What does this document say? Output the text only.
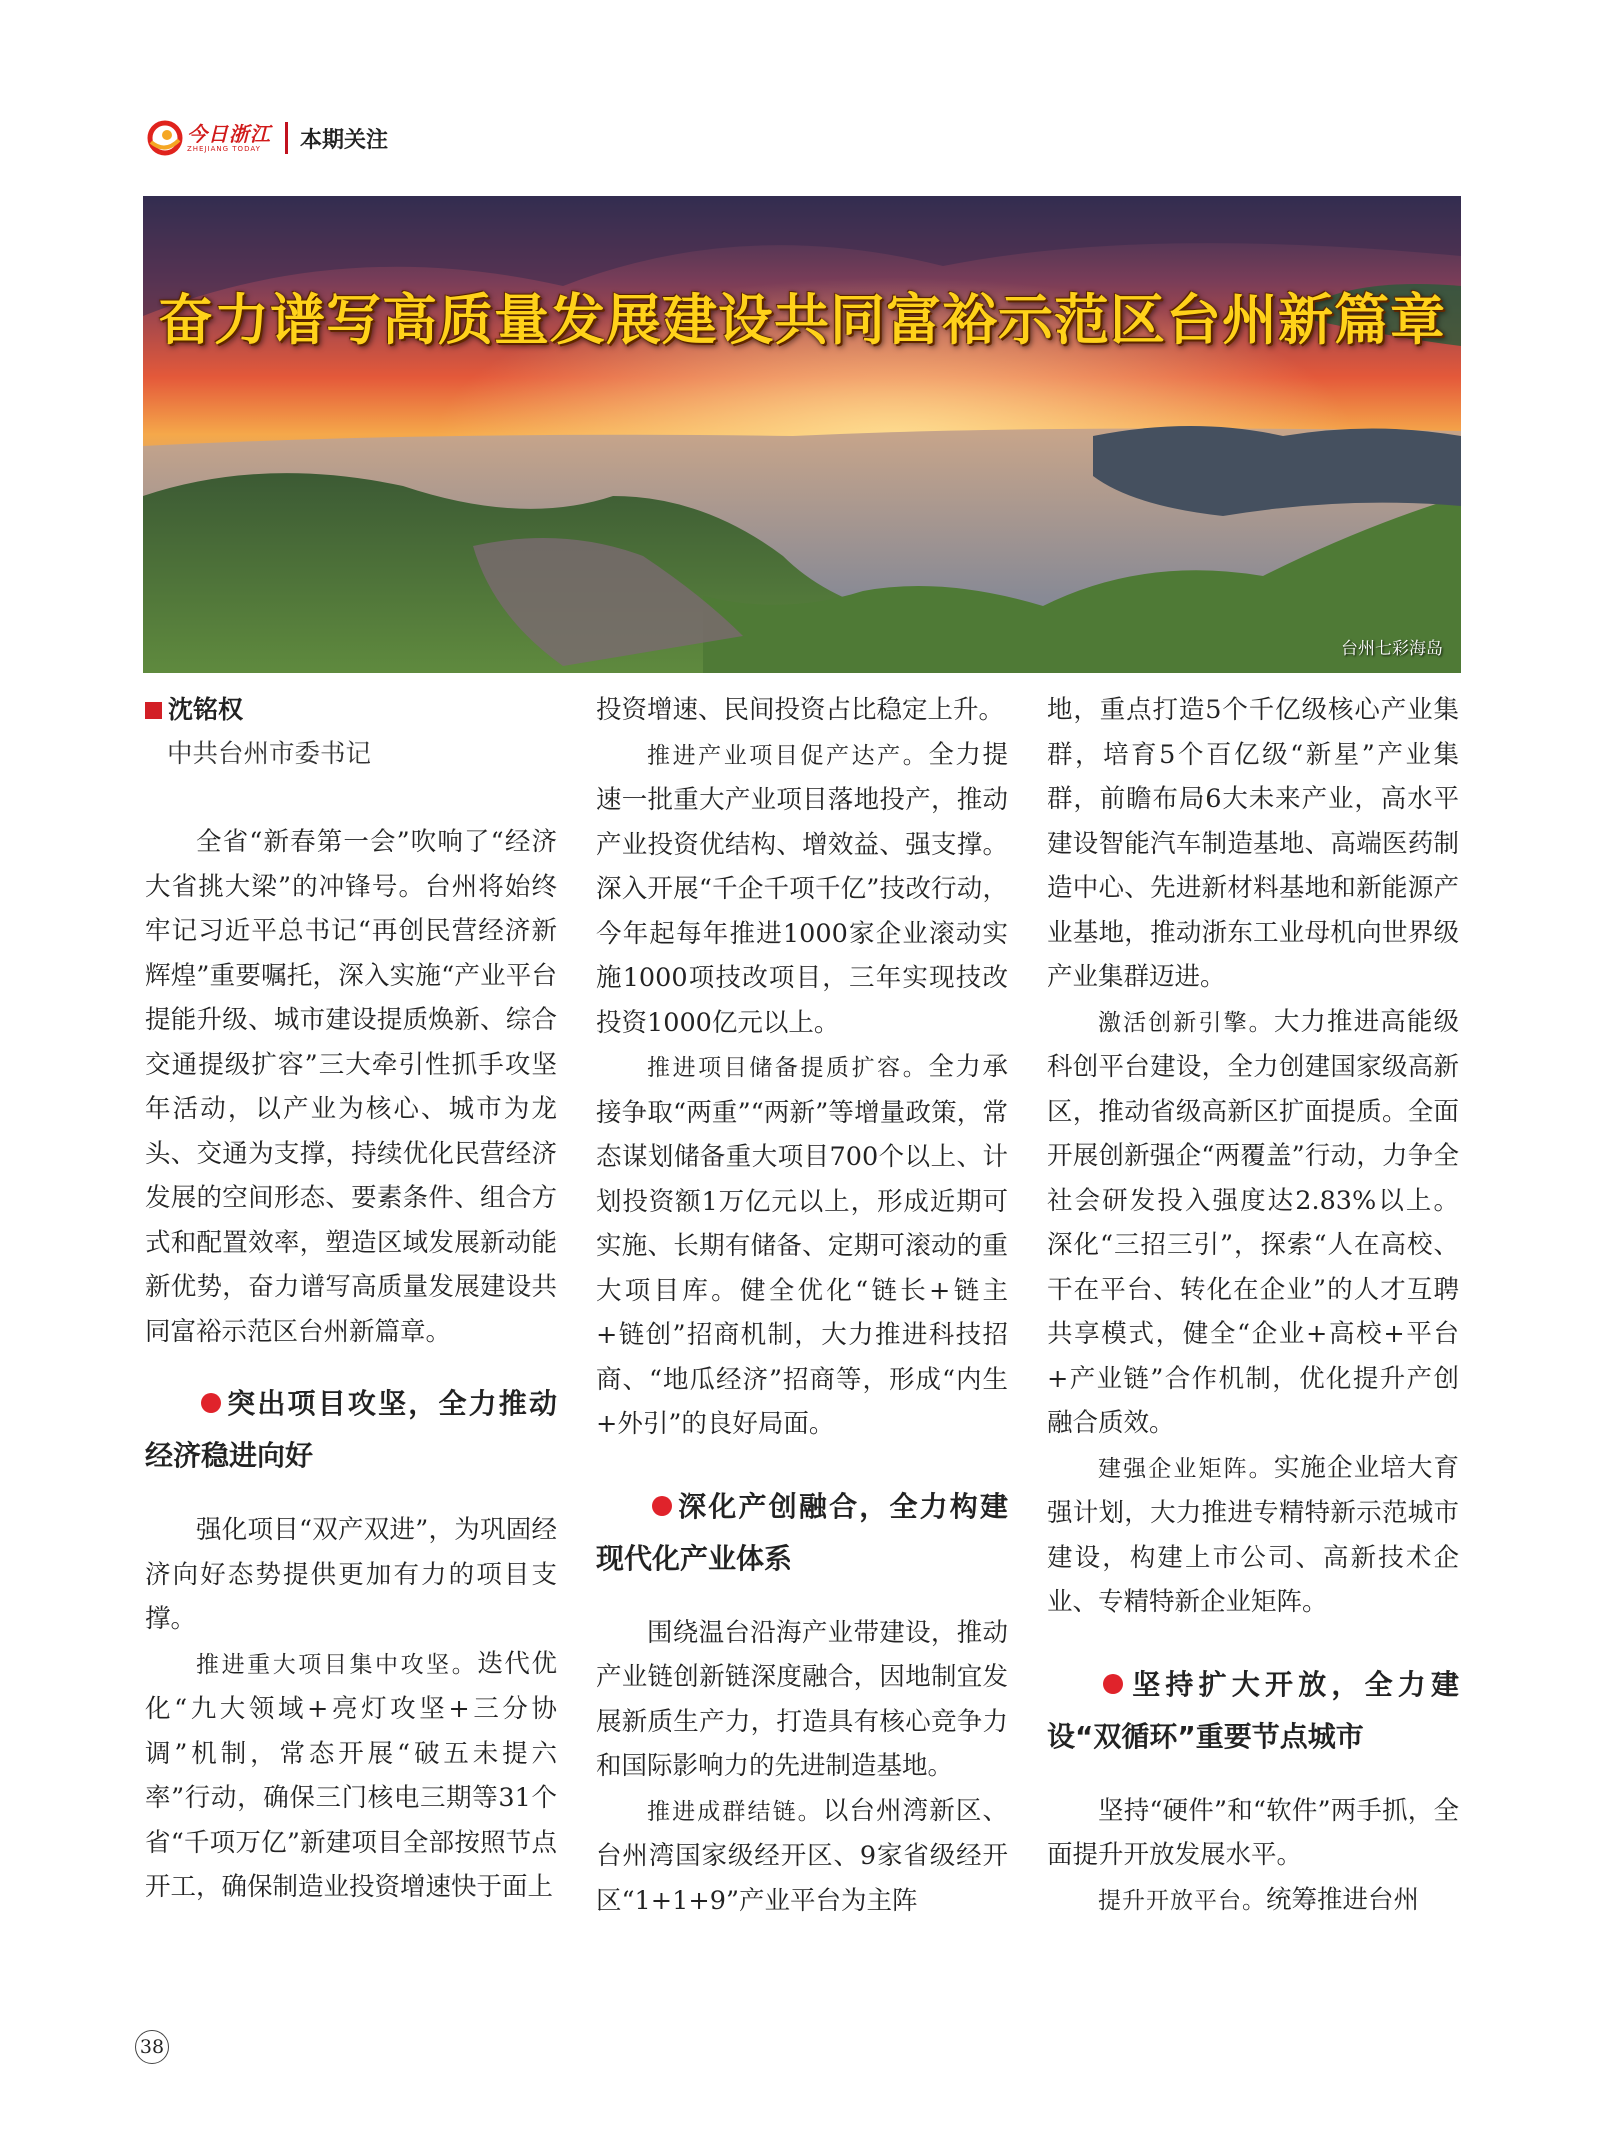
今日浙江
ZHEJIANG TODAY	本期关注
奋力谱写高质量发展建设共同富裕示范区台州新篇章
台州七彩海岛
沈铭权
中共台州市委书记

全省“新春第一会”吹响了“经济大省挑大梁”的冲锋号。台州将始终牢记习近平总书记“再创民营经济新辉煌”重要嘱托，深入实施“产业平台提能升级、城市建设提质焕新、综合交通提级扩容”三大牵引性抓手攻坚年活动，以产业为核心、城市为龙头、交通为支撑，持续优化民营经济发展的空间形态、要素条件、组合方式和配置效率，塑造区域发展新动能新优势，奋力谱写高质量发展建设共同富裕示范区台州新篇章。

突出项目攻坚，全力推动经济稳进向好

强化项目“双产双进”，为巩固经济向好态势提供更加有力的项目支撑。

推进重大项目集中攻坚。迭代优化“九大领域+亮灯攻坚+三分协调”机制，常态开展“破五未提六率”行动，确保三门核电三期等31个省“千项万亿”新建项目全部按照节点开工，确保制造业投资增速快于面上

投资增速、民间投资占比稳定上升。

推进产业项目促产达产。全力提速一批重大产业项目落地投产，推动产业投资优结构、增效益、强支撑。深入开展“千企千项千亿”技改行动，今年起每年推进1000家企业滚动实施1000项技改项目，三年实现技改投资1000亿元以上。

推进项目储备提质扩容。全力承接争取“两重”“两新”等增量政策，常态谋划储备重大项目700个以上、计划投资额1万亿元以上，形成近期可实施、长期有储备、定期可滚动的重大项目库。健全优化“链长+链主+链创”招商机制，大力推进科技招商、“地瓜经济”招商等，形成“内生+外引”的良好局面。

深化产创融合，全力构建现代化产业体系

围绕温台沿海产业带建设，推动产业链创新链深度融合，因地制宜发展新质生产力，打造具有核心竞争力和国际影响力的先进制造基地。

推进成群结链。以台州湾新区、台州湾国家级经开区、9家省级经开区“1+1+9”产业平台为主阵

地，重点打造5个千亿级核心产业集群，培育5个百亿级“新星”产业集群，前瞻布局6大未来产业，高水平建设智能汽车制造基地、高端医药制造中心、先进新材料基地和新能源产业基地，推动浙东工业母机向世界级产业集群迈进。

激活创新引擎。大力推进高能级科创平台建设，全力创建国家级高新区，推动省级高新区扩面提质。全面开展创新强企“两覆盖”行动，力争全社会研发投入强度达2.83%以上。深化“三招三引”，探索“人在高校、干在平台、转化在企业”的人才互聘共享模式，健全“企业+高校+平台+产业链”合作机制，优化提升产创融合质效。

建强企业矩阵。实施企业培大育强计划，大力推进专精特新示范城市建设，构建上市公司、高新技术企业、专精特新企业矩阵。

坚持扩大开放，全力建设“双循环”重要节点城市

坚持“硬件”和“软件”两手抓，全面提升开放发展水平。

提升开放平台。统筹推进台州

38
